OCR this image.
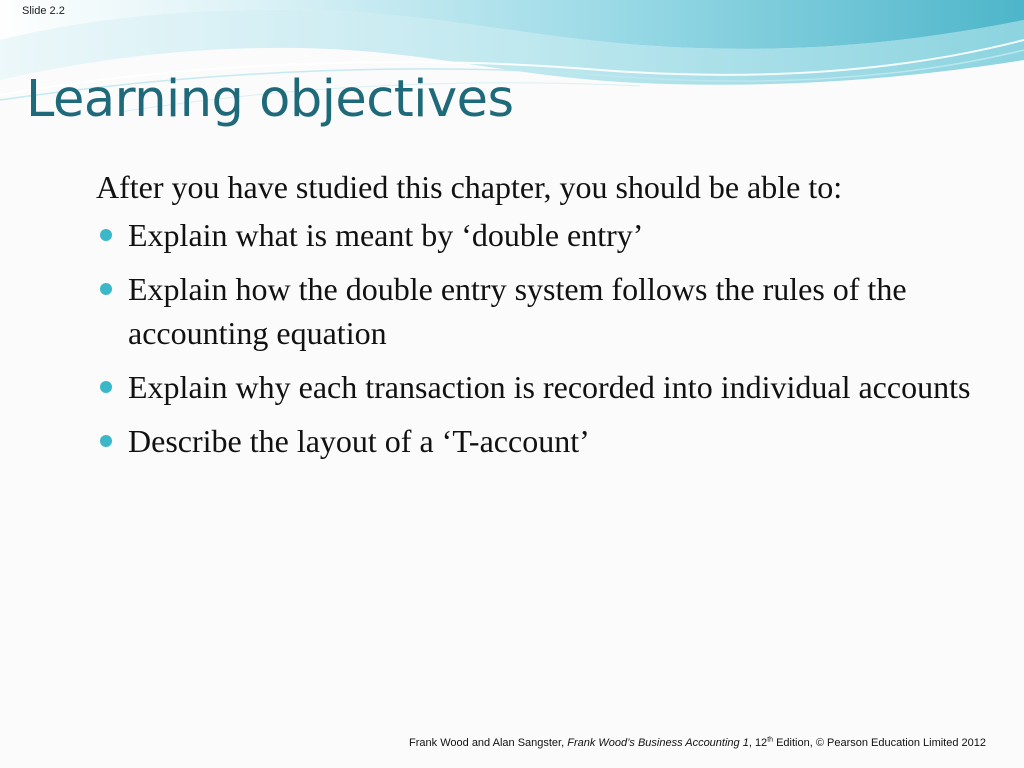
Slide 2.2
Learning objectives

After you have studied this chapter, you should be able to:

Explain what is meant by ‘double entry’
Explain how the double entry system follows the rules of the accounting equation
Explain why each transaction is recorded into individual accounts
Describe the layout of a ‘T-account’
Frank Wood and Alan Sangster, Frank Wood’s Business Accounting 1, 12th Edition, © Pearson Education Limited 2012
